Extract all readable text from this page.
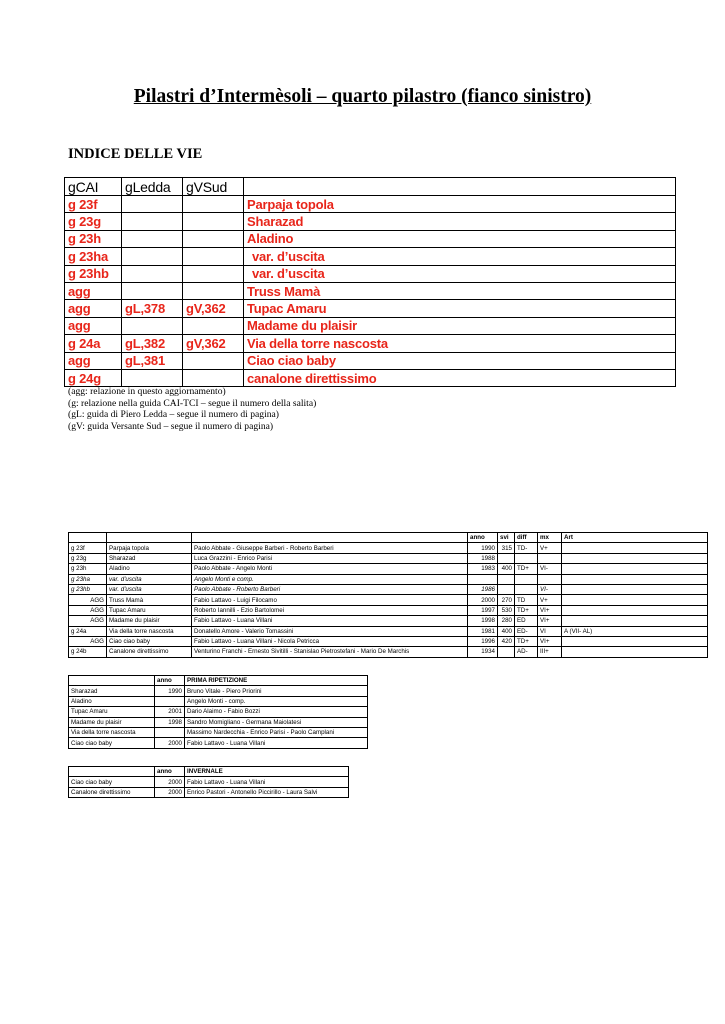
Pilastri d’Intermèsoli – quarto pilastro (fianco sinistro)
INDICE DELLE VIE
gCAI	gLedda	gVSud	
g 23f			Parpaja topola
g 23g			Sharazad
g 23h			Aladino
g 23ha			var. d’uscita
g 23hb			var. d’uscita
agg			Truss Mamà
agg	gL,378	gV,362	Tupac Amaru
agg			Madame du plaisir
g 24a	gL,382	gV,362	Via della torre nascosta
agg	gL,381		Ciao ciao baby
g 24g			canalone direttissimo
(agg: relazione in questo aggiornamento)
(g: relazione nella guida CAI-TCI – segue il numero della salita)
(gL: guida di Piero Ledda – segue il numero di pagina)
(gV: guida Versante Sud – segue il numero di pagina)
			anno	svi	diff	mx	Art
g 23f	Parpaja topola	Paolo Abbate - Giuseppe Barberi - Roberto Barberi	1990	315	TD-	V+	
g 23g	Sharazad	Luca Grazzini - Enrico Parisi	1988				
g 23h	Aladino	Paolo Abbate - Angelo Monti	1983	400	TD+	VI-	
g 23ha	var. d'uscita	Angelo Monti e comp.					
g 23hb	var. d'uscita	Paolo Abbate - Roberto Barberi	1986			VI-	
AGG	Truss Mamà	Fabio Lattavo - Luigi Filocamo	2000	270	TD	V+	
AGG	Tupac Amaru	Roberto Iannilli - Ezio Bartolomei	1997	530	TD+	VI+	
AGG	Madame du plaisir	Fabio Lattavo - Luana Villani	1998	280	ED	VI+	
g 24a	Via della torre nascosta	Donatello Amore - Valerio Tomassini	1981	400	ED-	VI	A (VII- AL)
AGG	Ciao ciao baby	Fabio Lattavo - Luana Villani - Nicola Petricca	1996	420	TD+	VI+	
g 24b	Canalone direttissimo	Venturino Franchi - Ernesto Sivitilli - Stanislao Pietrostefani - Mario De Marchis	1934		AD-	III+	
	anno	PRIMA RIPETIZIONE
Sharazad	1990	Bruno Vitale - Piero Priorini
Aladino		Angelo Monti - comp.
Tupac Amaru	2001	Dario Alaimo - Fabio Bozzi
Madame du plaisir	1998	Sandro Momigliano - Germana Maiolatesi
Via della torre nascosta		Massimo Nardecchia - Enrico Parisi - Paolo Camplani
Ciao ciao baby	2000	Fabio Lattavo - Luana Villani
	anno	INVERNALE
Ciao ciao baby	2000	Fabio Lattavo - Luana Villani
Canalone direttissimo	2000	Enrico Pastori - Antonello Piccirillo - Laura Salvi
